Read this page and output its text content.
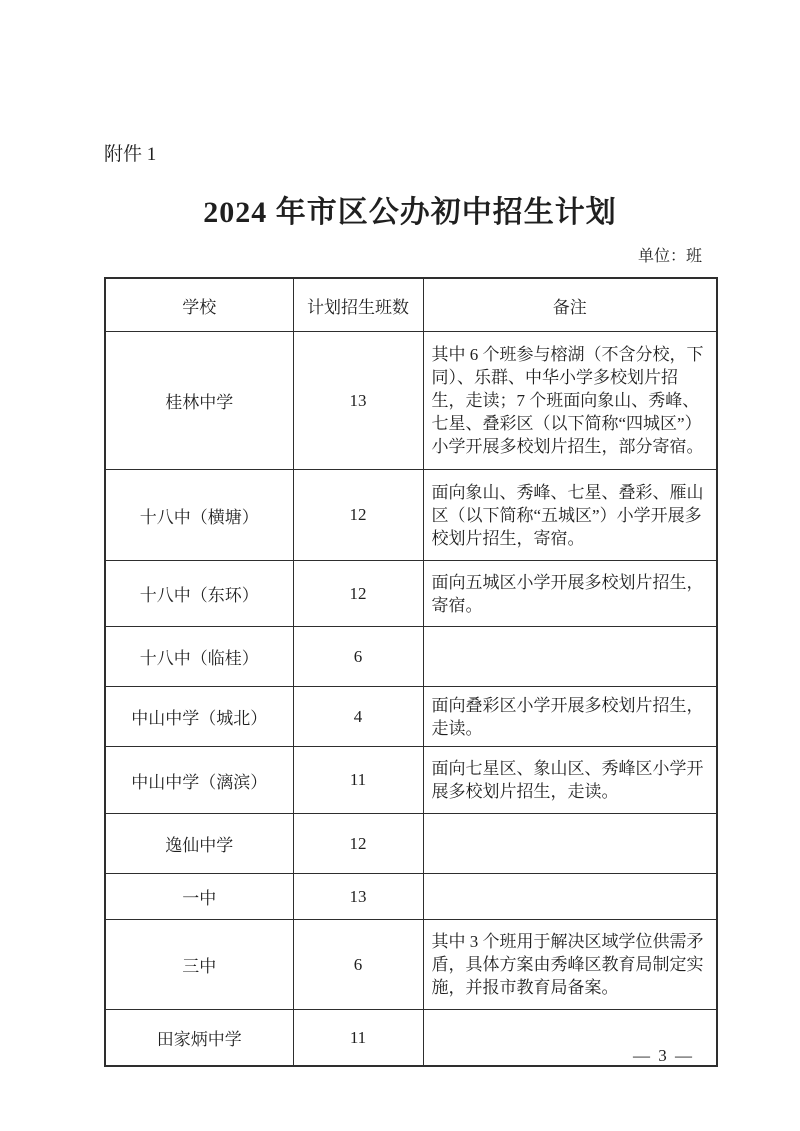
附件 1
2024 年市区公办初中招生计划
单位：班
学校	计划招生班数	备注
桂林中学	13	其中 6 个班参与榕湖（不含分校，下同）、乐群、中华小学多校划片招生，走读；7 个班面向象山、秀峰、七星、叠彩区（以下简称“四城区”）小学开展多校划片招生，部分寄宿。
十八中（横塘）	12	面向象山、秀峰、七星、叠彩、雁山区（以下简称“五城区”）小学开展多校划片招生，寄宿。
十八中（东环）	12	面向五城区小学开展多校划片招生，寄宿。
十八中（临桂）	6	
中山中学（城北）	4	面向叠彩区小学开展多校划片招生，走读。
中山中学（漓滨）	11	面向七星区、象山区、秀峰区小学开展多校划片招生，走读。
逸仙中学	12	
一中	13	
三中	6	其中 3 个班用于解决区域学位供需矛盾，具体方案由秀峰区教育局制定实施，并报市教育局备案。
田家炳中学	11	
— 3 —
